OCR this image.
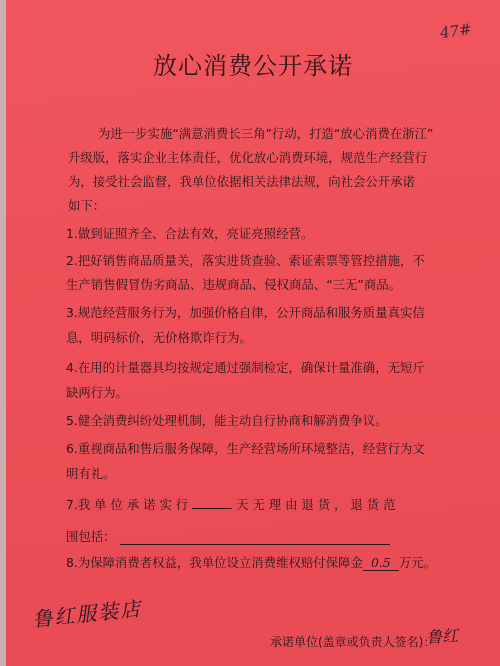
47#
放心消费公开承诺
为进一步实施“满意消费长三角”行动，打造“放心消费在浙江”
升级版，落实企业主体责任，优化放心消费环境，规范生产经营行
为，接受社会监督，我单位依据相关法律法规，向社会公开承诺
如下：
1.做到证照齐全、合法有效，亮证亮照经营。
2.把好销售商品质量关，落实进货查验、索证索票等管控措施，不
生产销售假冒伪劣商品、违规商品、侵权商品、“三无”商品。
3.规范经营服务行为，加强价格自律，公开商品和服务质量真实信
息，明码标价，无价格欺诈行为。
4.在用的计量器具均按规定通过强制检定，确保计量准确，无短斤
缺两行为。
5.健全消费纠纷处理机制，能主动自行协商和解消费争议。
6.重视商品和售后服务保障，生产经营场所环境整洁，经营行为文
明有礼。
7.我 单 位 承 诺 实 行	天 无 理 由 退 货 ， 退 货 范
围包括：
8.为保障消费者权益，我单位设立消费维权赔付保障金 0.5 万元。
鲁红服装店
承诺单位(盖章或负责人签名)：
鲁红
